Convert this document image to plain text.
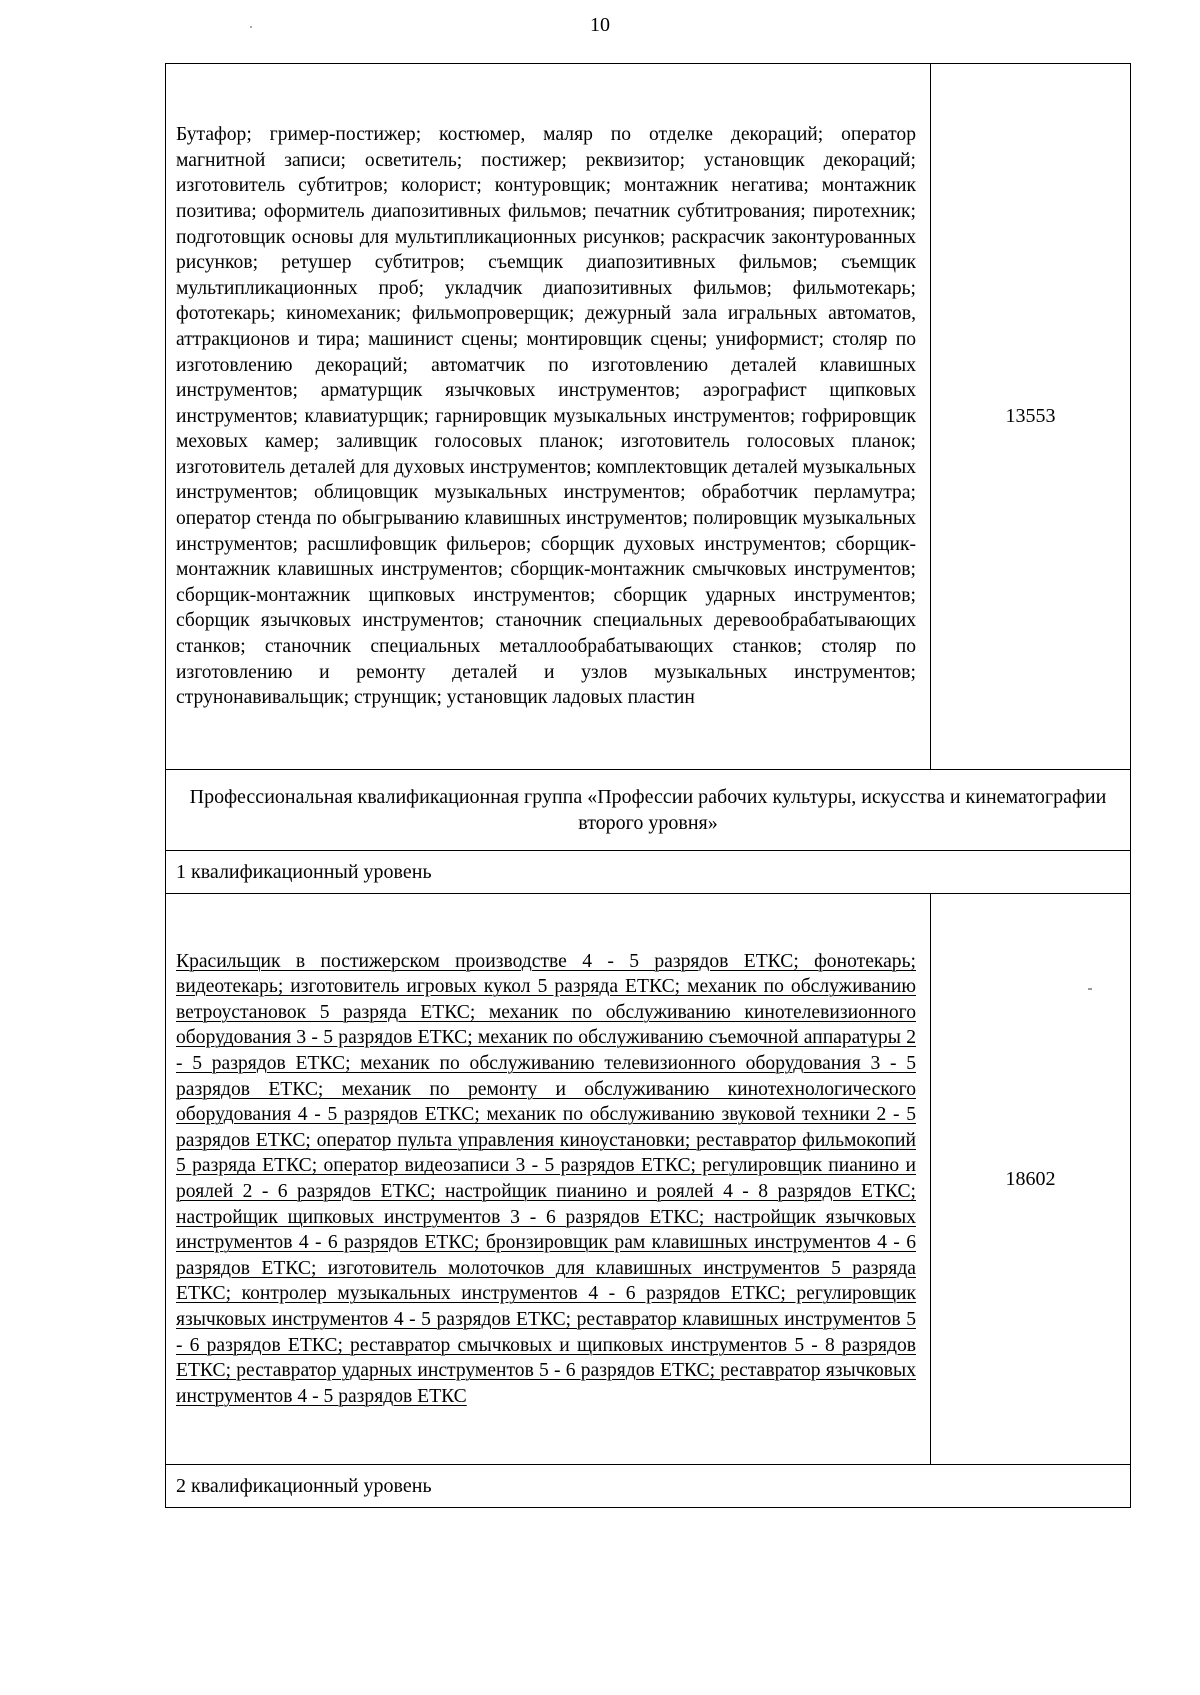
10
Бутафор; гример-постижер; костюмер, маляр по отделке декораций; оператор магнитной записи; осветитель; постижер; реквизитор; установщик декораций; изготовитель субтитров; колорист; контуровщик; монтажник негатива; монтажник позитива; оформитель диапозитивных фильмов; печатник субтитрования; пиротехник; подготовщик основы для мультипликационных рисунков; раскрасчик законтурованных рисунков; ретушер субтитров; съемщик диапозитивных фильмов; съемщик мультипликационных проб; укладчик диапозитивных фильмов; фильмотекарь; фототекарь; киномеханик; фильмопроверщик; дежурный зала игральных автоматов, аттракционов и тира; машинист сцены; монтировщик сцены; униформист; столяр по изготовлению декораций; автоматчик по изготовлению деталей клавишных инструментов; арматурщик язычковых инструментов; аэрографист щипковых инструментов; клавиатурщик; гарнировщик музыкальных инструментов; гофрировщик меховых камер; заливщик голосовых планок; изготовитель голосовых планок; изготовитель деталей для духовых инструментов; комплектовщик деталей музыкальных инструментов; облицовщик музыкальных инструментов; обработчик перламутра; оператор стенда по обыгрыванию клавишных инструментов; полировщик музыкальных инструментов; расшлифовщик фильеров; сборщик духовых инструментов; сборщик-монтажник клавишных инструментов; сборщик-монтажник смычковых инструментов; сборщик-монтажник щипковых инструментов; сборщик ударных инструментов; сборщик язычковых инструментов; станочник специальных деревообрабатывающих станков; станочник специальных металлообрабатывающих станков; столяр по изготовлению и ремонту деталей и узлов музыкальных инструментов; струнонавивальщик; струнщик; установщик ладовых пластин	13553
Профессиональная квалификационная группа «Профессии рабочих культуры, искусства и кинематографии второго уровня»	
1 квалификационный уровень	
Красильщик в постижерском производстве 4 - 5 разрядов ЕТКС; фонотекарь; видеотекарь; изготовитель игровых кукол 5 разряда ЕТКС; механик по обслуживанию ветроустановок 5 разряда ЕТКС; механик по обслуживанию кинотелевизионного оборудования 3 - 5 разрядов ЕТКС; механик по обслуживанию съемочной аппаратуры 2 - 5 разрядов ЕТКС; механик по обслуживанию телевизионного оборудования 3 - 5 разрядов ЕТКС; механик по ремонту и обслуживанию кинотехнологического оборудования 4 - 5 разрядов ЕТКС; механик по обслуживанию звуковой техники 2 - 5 разрядов ЕТКС; оператор пульта управления киноустановки; реставратор фильмокопий 5 разряда ЕТКС; оператор видеозаписи 3 - 5 разрядов ЕТКС; регулировщик пианино и роялей 2 - 6 разрядов ЕТКС; настройщик пианино и роялей 4 - 8 разрядов ЕТКС; настройщик щипковых инструментов 3 - 6 разрядов ЕТКС; настройщик язычковых инструментов 4 - 6 разрядов ЕТКС; бронзировщик рам клавишных инструментов 4 - 6 разрядов ЕТКС; изготовитель молоточков для клавишных инструментов 5 разряда ЕТКС; контролер музыкальных инструментов 4 - 6 разрядов ЕТКС; регулировщик язычковых инструментов 4 - 5 разрядов ЕТКС; реставратор клавишных инструментов 5 - 6 разрядов ЕТКС; реставратор смычковых и щипковых инструментов 5 - 8 разрядов ЕТКС; реставратор ударных инструментов 5 - 6 разрядов ЕТКС; реставратор язычковых инструментов 4 - 5 разрядов ЕТКС	18602
2 квалификационный уровень	
